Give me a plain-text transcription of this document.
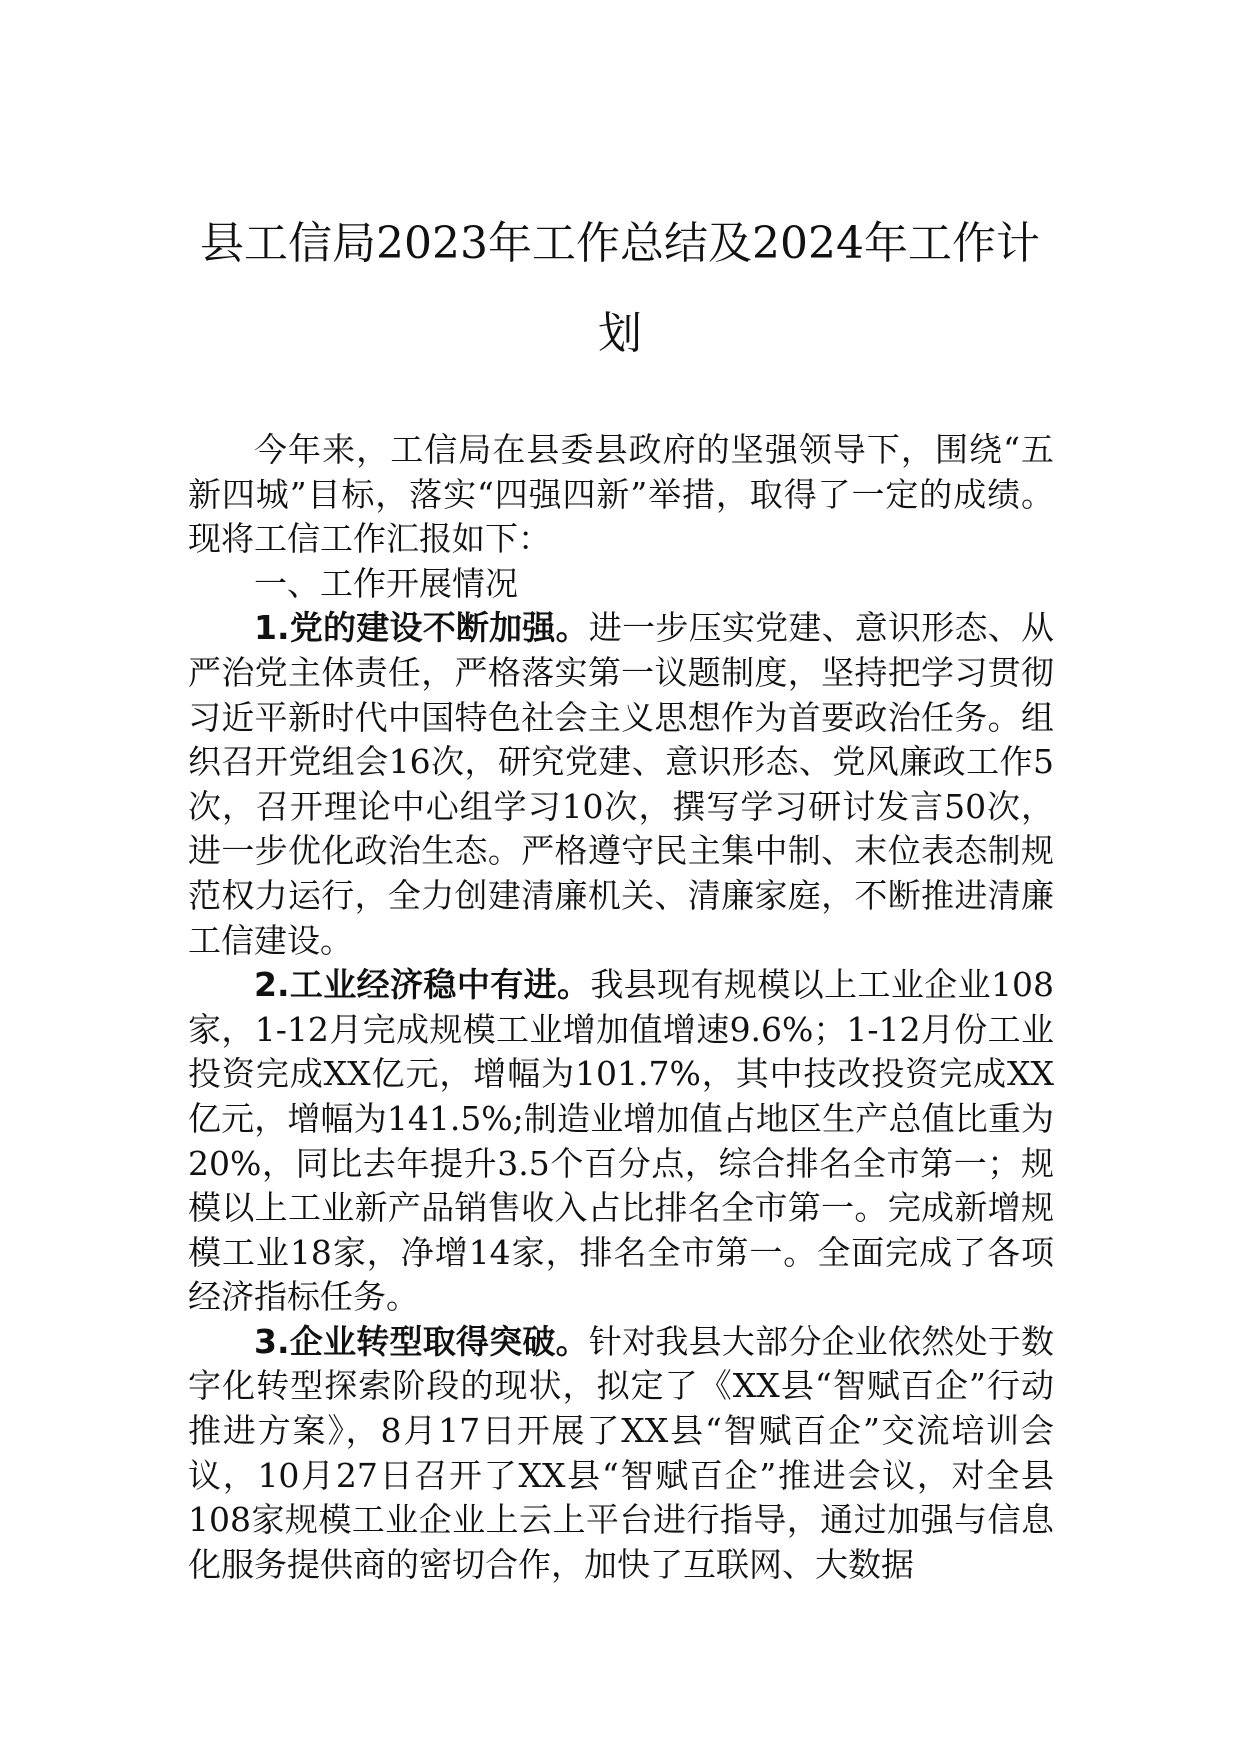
县工信局2023年工作总结及2024年工作计
划

今年来，工信局在县委县政府的坚强领导下，围绕“五新四城”目标，落实“四强四新”举措，取得了一定的成绩。现将工信工作汇报如下：

一、工作开展情况

1.党的建设不断加强。进一步压实党建、意识形态、从严治党主体责任，严格落实第一议题制度，坚持把学习贯彻习近平新时代中国特色社会主义思想作为首要政治任务。组织召开党组会16次，研究党建、意识形态、党风廉政工作5次，召开理论中心组学习10次，撰写学习研讨发言50次，进一步优化政治生态。严格遵守民主集中制、末位表态制规范权力运行，全力创建清廉机关、清廉家庭，不断推进清廉工信建设。

2.工业经济稳中有进。我县现有规模以上工业企业108家，1-12月完成规模工业增加值增速9.6%；1-12月份工业投资完成XX亿元，增幅为101.7%，其中技改投资完成XX亿元，增幅为141.5%;制造业增加值占地区生产总值比重为20%，同比去年提升3.5个百分点，综合排名全市第一；规模以上工业新产品销售收入占比排名全市第一。完成新增规模工业18家，净增14家，排名全市第一。全面完成了各项经济指标任务。

3.企业转型取得突破。针对我县大部分企业依然处于数字化转型探索阶段的现状，拟定了《XX县“智赋百企”行动推进方案》，8月17日开展了XX县“智赋百企”交流培训会议，10月27日召开了XX县“智赋百企”推进会议，对全县108家规模工业企业上云上平台进行指导，通过加强与信息化服务提供商的密切合作，加快了互联网、大数据
